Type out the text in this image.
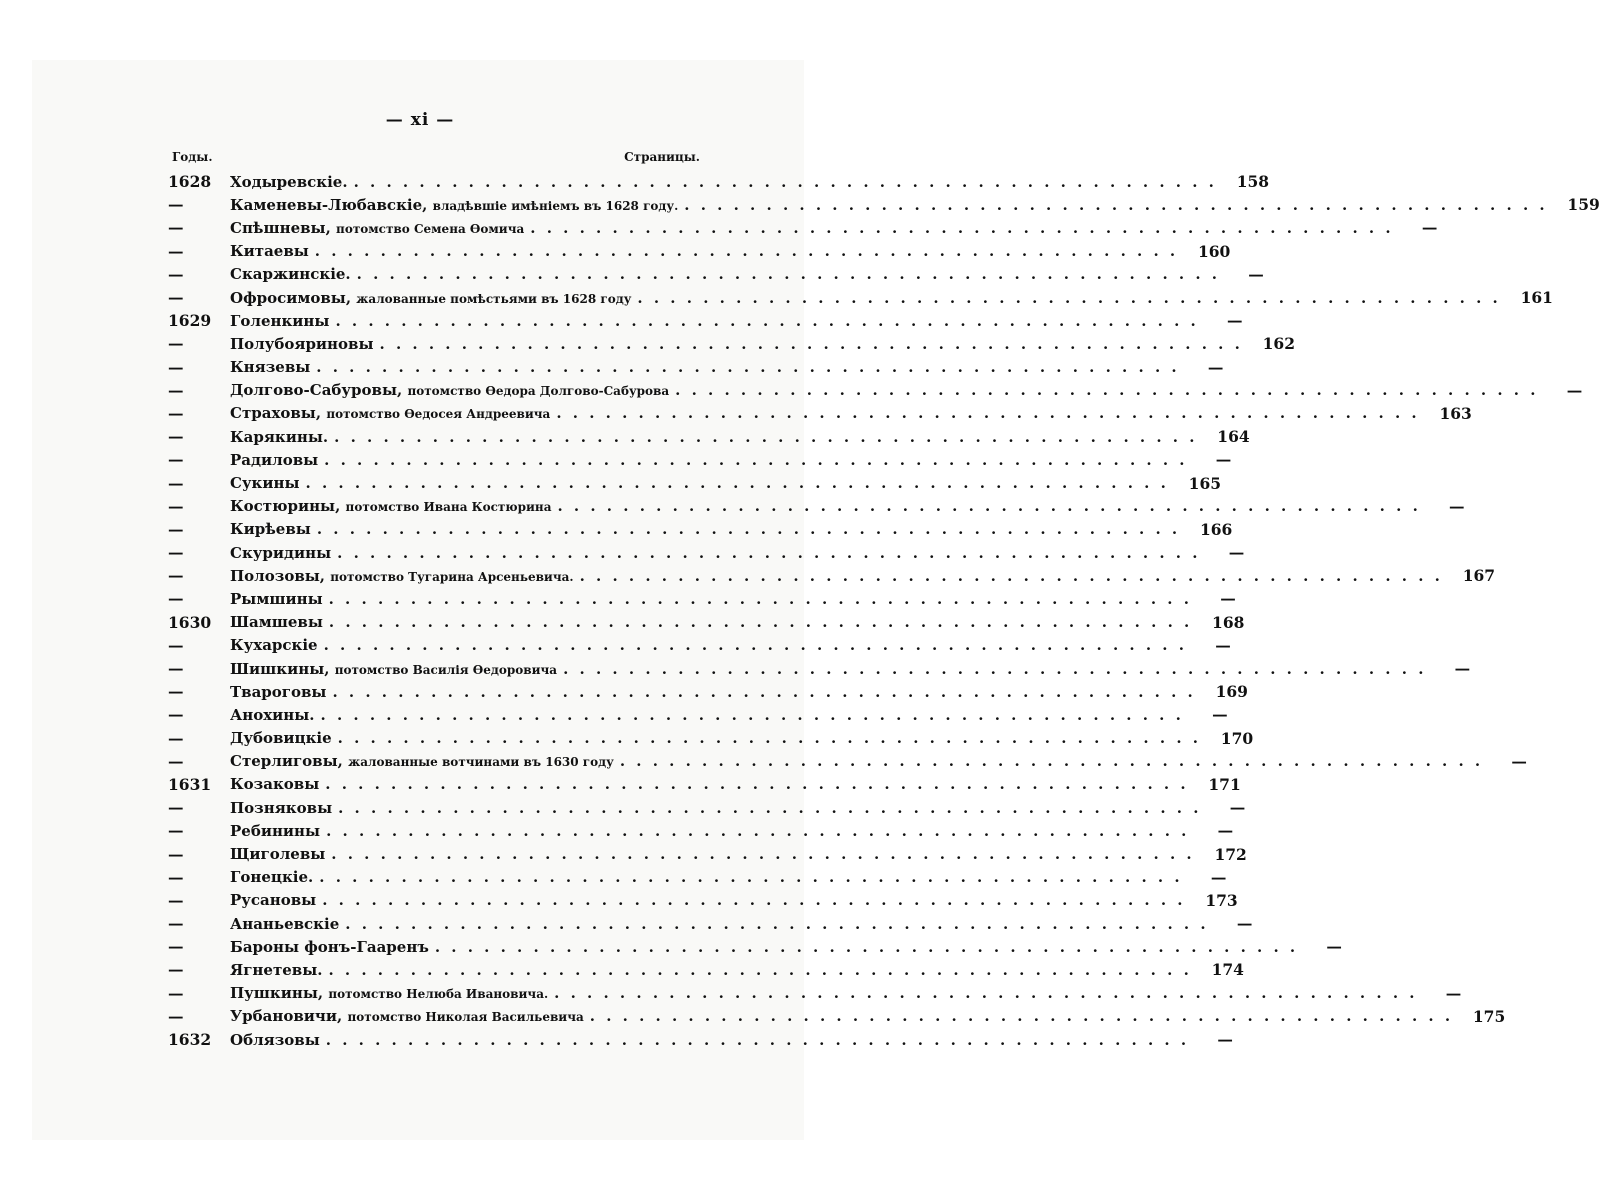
— xi —
Годы.	Страницы.
1628	Ходыревскіе. . . .	158
—	Каменевы-Любавскіе, владѣвшіе имѣніемъ въ 1628 году. . . .	159
—	Спѣшневы, потомство Семена Ѳомича . . .	—
—	Китаевы . . .	160
—	Скаржинскіе. . . .	—
—	Офросимовы, жалованные помѣстьями въ 1628 году . . .	161
1629	Голенкины . . .	—
—	Полубояриновы . . .	162
—	Князевы . . .	—
—	Долгово-Сабуровы, потомство Ѳедора Долгово-Сабурова . . .	—
—	Страховы, потомство Ѳедосея Андреевича . . .	163
—	Карякины. . . .	164
—	Радиловы . . .	—
—	Сукины . . .	165
—	Костюрины, потомство Ивана Костюрина . . .	—
—	Кирѣевы . . .	166
—	Скуридины . . .	—
—	Полозовы, потомство Тугарина Арсеньевича. . . .	167
—	Рымшины . . .	—
1630	Шамшевы . . .	168
—	Кухарскіе . . .	—
—	Шишкины, потомство Василія Ѳедоровича . . .	—
—	Твароговы . . .	169
—	Анохины. . . .	—
—	Дубовицкіе . . .	170
—	Стерлиговы, жалованные вотчинами въ 1630 году . . .	—
1631	Козаковы . . .	171
—	Позняковы . . .	—
—	Ребинины . . .	—
—	Щиголевы . . .	172
—	Гонецкіе. . . .	—
—	Русановы . . .	173
—	Ананьевскіе . . .	—
—	Бароны фонъ-Гааренъ . . .	—
—	Ягнетевы. . . .	174
—	Пушкины, потомство Нелюба Ивановича. . . .	—
—	Урбановичи, потомство Николая Васильевича . . .	175
1632	Облязовы . . .	—
